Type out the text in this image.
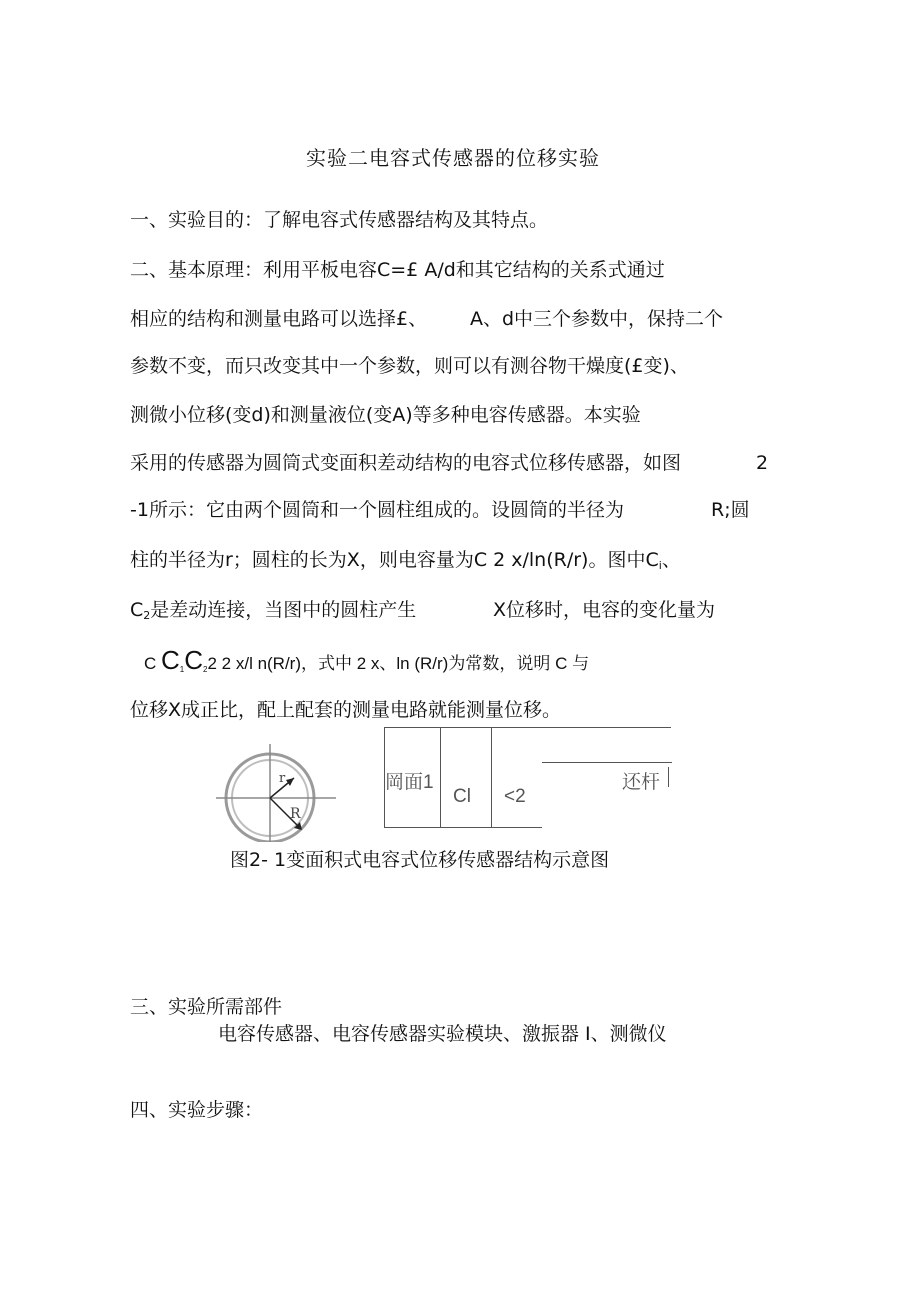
实验二电容式传感器的位移实验
一、实验目的：了解电容式传感器结构及其特点。
二、基本原理：利用平板电容C=£ A/d和其它结构的关系式通过
相应的结构和测量电路可以选择£、 A、d中三个参数中，保持二个
参数不变，而只改变其中一个参数，则可以有测谷物干燥度(£变)、
测微小位移(变d)和测量液位(变A)等多种电容传感器。本实验
采用的传感器为圆筒式变面积差动结构的电容式位移传感器，如图	2
-1所示：它由两个圆筒和一个圆柱组成的。设圆筒的半径为	R;圆
柱的半径为r；圆柱的长为X，则电容量为C 2 x/ln(R/r)。图中$C_i$、
$C_2$是差动连接，当图中的圆柱产生	X位移时，电容的变化量为
C $C_1C_22$ 2 x/l n(R/r)，式中 2 x、ln (R/r)为常数，说明 C 与
位移X成正比，配上配套的测量电路就能测量位移。
r
R
岡面1
Cl <2
还杆
图2- 1变面积式电容式位移传感器结构示意图
三、实验所需部件
电容传感器、电容传感器实验模块、激振器 I、测微仪
四、实验步骤：
